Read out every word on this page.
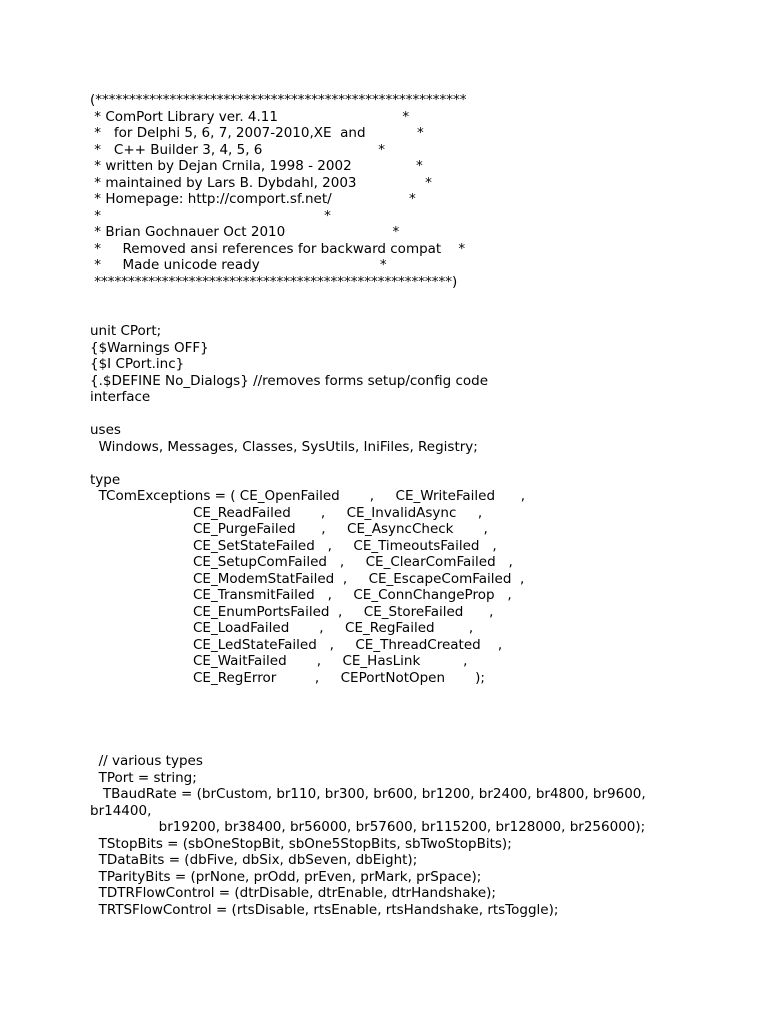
(*******************************************************
* ComPort Library ver. 4.11                             *
*   for Delphi 5, 6, 7, 2007-2010,XE  and            *
*   C++ Builder 3, 4, 5, 6                           *
* written by Dejan Crnila, 1998 - 2002               *
* maintained by Lars B. Dybdahl, 2003                *
* Homepage: http://comport.sf.net/                  *
*                                                    *
* Brian Gochnauer Oct 2010                         *
*     Removed ansi references for backward compat    *
*     Made unicode ready                            *
*****************************************************)
unit CPort;
{$Warnings OFF}
{$I CPort.inc}
{.$DEFINE No_Dialogs} //removes forms setup/config code
interface
uses
Windows, Messages, Classes, SysUtils, IniFiles, Registry;
type
TComExceptions = ( CE_OpenFailed       ,     CE_WriteFailed      ,
CE_ReadFailed       ,     CE_InvalidAsync     ,
CE_PurgeFailed      ,     CE_AsyncCheck       ,
CE_SetStateFailed   ,     CE_TimeoutsFailed   ,
CE_SetupComFailed   ,     CE_ClearComFailed   ,
CE_ModemStatFailed  ,     CE_EscapeComFailed  ,
CE_TransmitFailed   ,     CE_ConnChangeProp   ,
CE_EnumPortsFailed  ,     CE_StoreFailed      ,
CE_LoadFailed       ,     CE_RegFailed        ,
CE_LedStateFailed   ,     CE_ThreadCreated    ,
CE_WaitFailed       ,     CE_HasLink          ,
CE_RegError         ,     CEPortNotOpen       );
// various types
TPort = string;
TBaudRate = (brCustom, br110, br300, br600, br1200, br2400, br4800, br9600,
br14400,
br19200, br38400, br56000, br57600, br115200, br128000, br256000);
TStopBits = (sbOneStopBit, sbOne5StopBits, sbTwoStopBits);
TDataBits = (dbFive, dbSix, dbSeven, dbEight);
TParityBits = (prNone, prOdd, prEven, prMark, prSpace);
TDTRFlowControl = (dtrDisable, dtrEnable, dtrHandshake);
TRTSFlowControl = (rtsDisable, rtsEnable, rtsHandshake, rtsToggle);
